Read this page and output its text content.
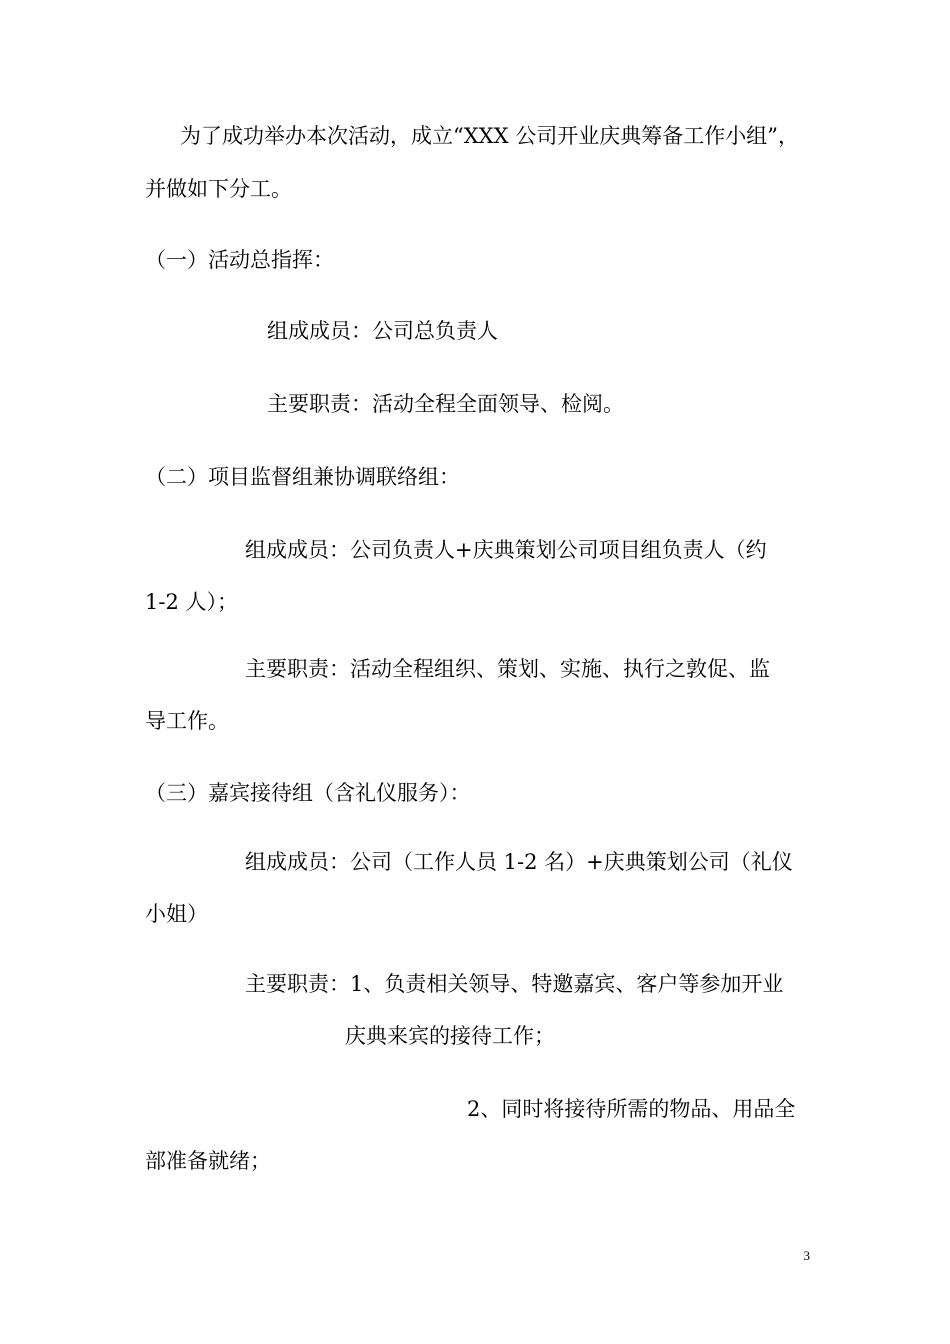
为了成功举办本次活动，成立“XXX 公司开业庆典筹备工作小组”，

并做如下分工。

（一）活动总指挥：

组成成员：公司总负责人

主要职责：活动全程全面领导、检阅。

（二）项目监督组兼协调联络组：

组成成员：公司负责人+庆典策划公司项目组负责人（约

1-2 人）；

主要职责：活动全程组织、策划、实施、执行之敦促、监

导工作。

（三）嘉宾接待组（含礼仪服务）：

组成成员：公司（工作人员 1-2 名）+庆典策划公司（礼仪

小姐）

主要职责：1、负责相关领导、特邀嘉宾、客户等参加开业

庆典来宾的接待工作；

2、同时将接待所需的物品、用品全

部准备就绪；

3
